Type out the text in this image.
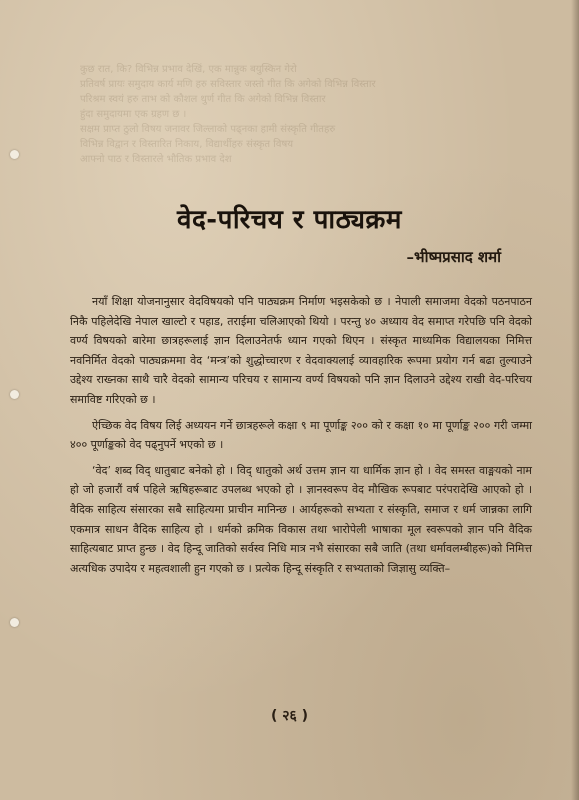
कुछ रात, कि? विभिन्न प्रभाव देखिं, एक मान्नुक बयुस्किन गेरो
प्रतिवर्ष प्रायः समुदाय कार्य मणि हरु सविस्तार जस्तो गीत कि अगेको विभिन्न विस्तार
परिश्रम स्वयं हरु ताभ को कौशल थुर्ण गीत कि अगेको विभिन्न विस्तार
हुंदा समुदायमा एक ग्रहण छ ।
सक्षम प्राप्त ठुलो विषय जनावर जिल्लाको पढ्नका हामी संस्कृति गीतहरु
विभिन्न विद्वान र विस्तारित निकाय, विद्यार्थीहरु संस्कृत विषय
आफ्नो पाठ र विस्तारले भौतिक प्रभाव देश
वेद-परिचय र पाठ्यक्रम
–भीष्मप्रसाद शर्मा

नयाँ शिक्षा योजनानुसार वेदविषयको पनि पाठ्यक्रम निर्माण भइसकेको छ । नेपाली समाजमा वेदको पठनपाठन निकै पहिलेदेखि नेपाल खाल्टो र पहाड, तराईमा चलिआएको थियो । परन्तु ४० अध्याय वेद समाप्त गरेपछि पनि वेदको वर्ण्य विषयको बारेमा छात्रहरूलाई ज्ञान दिलाउनेतर्फ ध्यान गएको थिएन । संस्कृत माध्यमिक विद्यालयका निमित्त नवनिर्मित वेदको पाठ्यक्रममा वेद ‘मन्त्र’को शुद्धोच्चारण र वेदवाक्यलाई व्यावहारिक रूपमा प्रयोग गर्न बढा तुल्याउने उद्देश्य राख्नका साथै चारै वेदको सामान्य परिचय र सामान्य वर्ण्य विषयको पनि ज्ञान दिलाउने उद्देश्य राखी वेद-परिचय समाविष्ट गरिएको छ ।

ऐच्छिक वेद विषय लिई अध्ययन गर्ने छात्रहरूले कक्षा ९ मा पूर्णाङ्क २०० को र कक्षा १० मा पूर्णाङ्क २०० गरी जम्मा ४०० पूर्णाङ्कको वेद पढ्नुपर्ने भएको छ ।

‘वेद’ शब्द विद् धातुबाट बनेको हो । विद् धातुको अर्थ उत्तम ज्ञान या धार्मिक ज्ञान हो । वेद समस्त वाङ्मयको नाम हो जो हजारौं वर्ष पहिले ऋषिहरूबाट उपलब्ध भएको हो । ज्ञानस्वरूप वेद मौखिक रूपबाट परंपरादेखि आएको हो । वैदिक साहित्य संसारका सबै साहित्यमा प्राचीन मानिन्छ । आर्यहरूको सभ्यता र संस्कृति, समाज र धर्म जान्नका लागि एकमात्र साधन वैदिक साहित्य हो । धर्मको क्रमिक विकास तथा भारोपेली भाषाका मूल स्वरूपको ज्ञान पनि वैदिक साहित्यबाट प्राप्त हुन्छ । वेद हिन्दू जातिको सर्वस्व निधि मात्र नभै संसारका सबै जाति (तथा धर्मावलम्बीहरू)को निमित्त अत्यधिक उपादेय र महत्वशाली हुन गएको छ । प्रत्येक हिन्दू संस्कृति र सभ्यताको जिज्ञासु व्यक्ति–

( २६ )
